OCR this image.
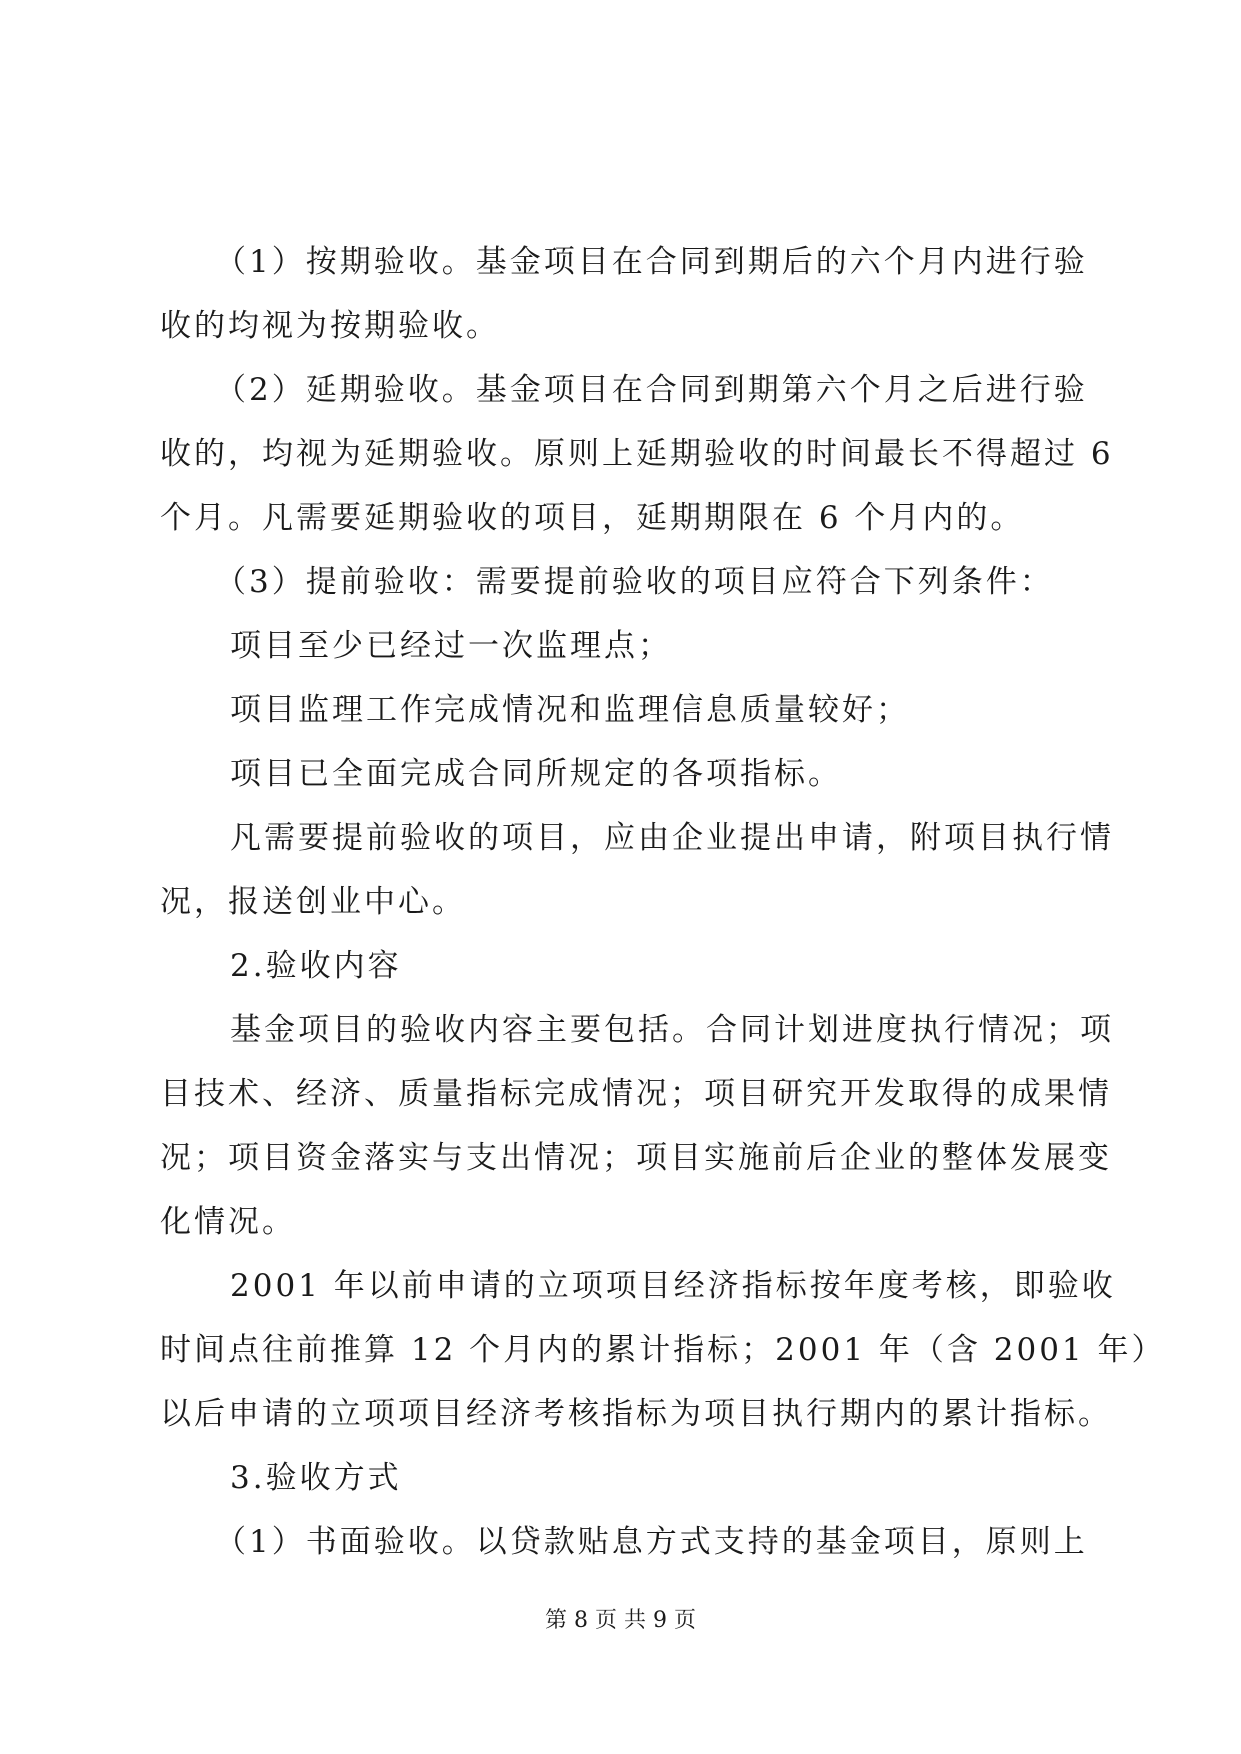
（1）按期验收。基金项目在合同到期后的六个月内进行验
收的均视为按期验收。
（2）延期验收。基金项目在合同到期第六个月之后进行验
收的，均视为延期验收。原则上延期验收的时间最长不得超过 6
个月。凡需要延期验收的项目，延期期限在 6 个月内的。
（3）提前验收：需要提前验收的项目应符合下列条件：
项目至少已经过一次监理点；
项目监理工作完成情况和监理信息质量较好；
项目已全面完成合同所规定的各项指标。
凡需要提前验收的项目，应由企业提出申请，附项目执行情
况，报送创业中心。
2.验收内容
基金项目的验收内容主要包括。合同计划进度执行情况；项
目技术、经济、质量指标完成情况；项目研究开发取得的成果情
况；项目资金落实与支出情况；项目实施前后企业的整体发展变
化情况。
2001 年以前申请的立项项目经济指标按年度考核，即验收
时间点往前推算 12 个月内的累计指标；2001 年（含 2001 年）
以后申请的立项项目经济考核指标为项目执行期内的累计指标。
3.验收方式
（1）书面验收。以贷款贴息方式支持的基金项目，原则上
第 8 页 共 9 页
